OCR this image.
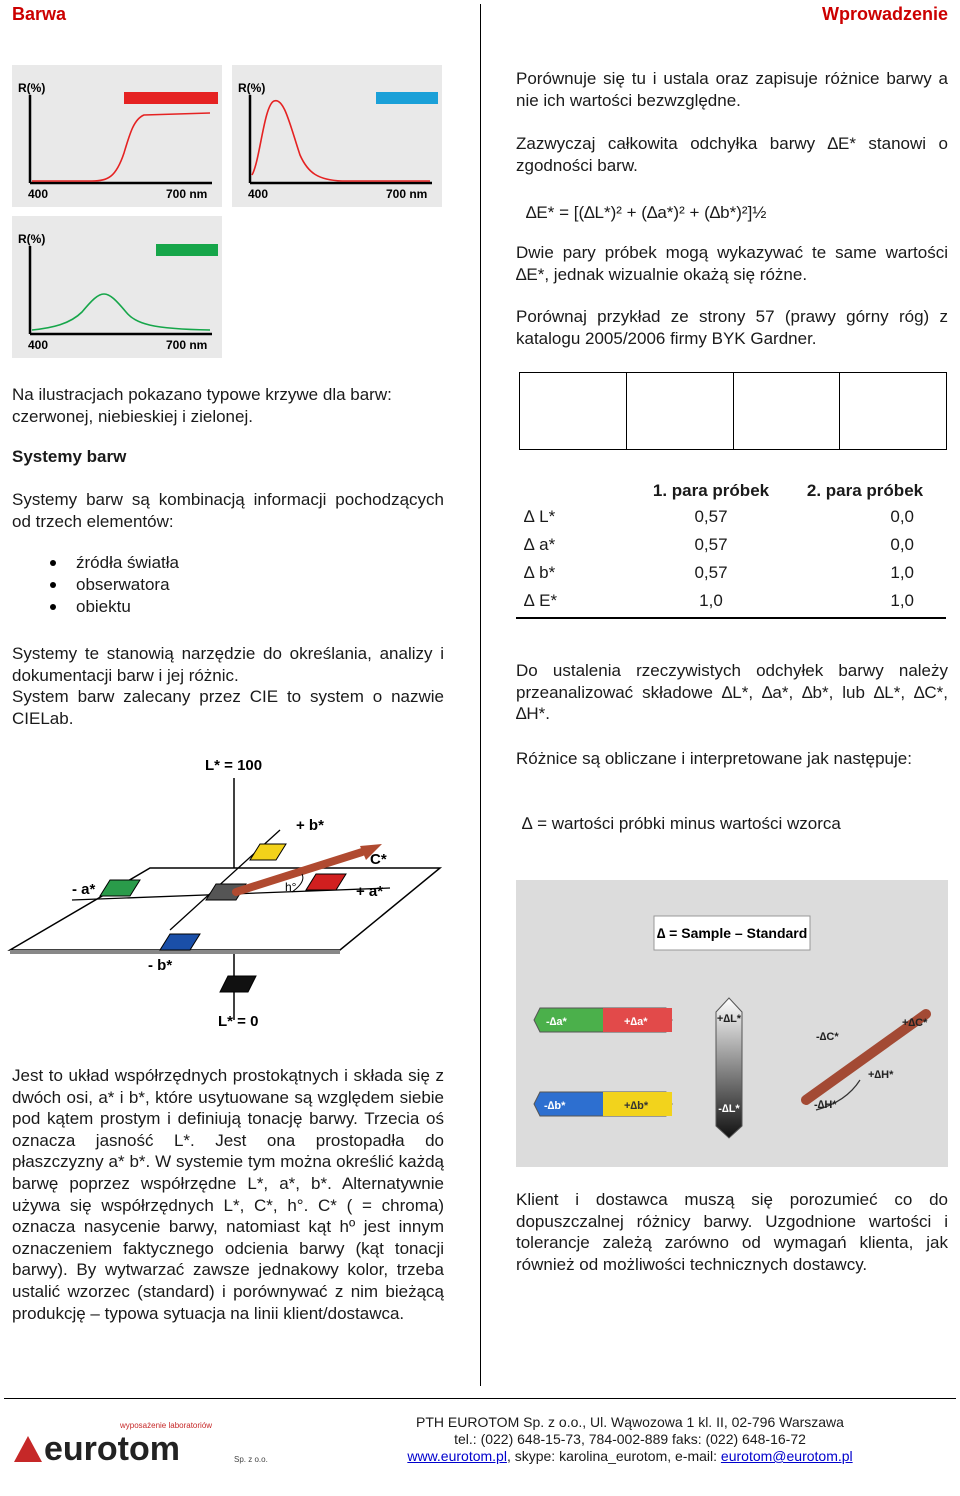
Barwa	Wprowadzenie
R(%)
400	700 nm
R(%)
400	700 nm
R(%)
400	700 nm
Na ilustracjach pokazano typowe krzywe dla barw: czerwonej, niebieskiej i zielonej.
Systemy barw
Systemy barw są kombinacją informacji pochodzących od trzech elementów:
źródła światła
obserwatora
obiektu
Systemy te stanowią narzędzie do określania, analizy i dokumentacji barw i jej różnic.
System barw zalecany przez CIE to system o nazwie CIELab.
L* = 100
+ b*
+ a*
- a*
- b*
C*
h°
L* = 0
Jest to układ współrzędnych prostokątnych i składa się z dwóch osi, a* i b*, które usytuowane są względem siebie pod kątem prostym i definiują tonację barwy. Trzecia oś oznacza jasność L*. Jest ona prostopadła do płaszczyzny a* b*. W systemie tym można określić każdą barwę poprzez współrzędne L*, a*, b*. Alternatywnie używa się współrzędnych L*, C*, h°. C* ( = chroma) oznacza nasycenie barwy, natomiast kąt hº jest innym oznaczeniem faktycznego odcienia barwy (kąt tonacji barwy). By wytwarzać zawsze jednakowy kolor, trzeba ustalić wzorzec (standard) i porównywać z nim bieżącą produkcję – typowa sytuacja na linii klient/dostawca.
Porównuje się tu i ustala oraz zapisuje różnice barwy a nie ich wartości bezwzględne.
Zazwyczaj całkowita odchyłka barwy ∆E* stanowi o zgodności barw.
∆E* = [(∆L*)² + (∆a*)² + (∆b*)²]½
Dwie pary próbek mogą wykazywać te same wartości ∆E*, jednak wizualnie okażą się różne.
Porównaj przykład ze strony 57 (prawy górny róg) z katalogu 2005/2006 firmy BYK Gardner.
	1. para próbek	2. para próbek
∆ L*	0,57	0,0
∆ a*	0,57	0,0
∆ b*	0,57	1,0
∆ E*	1,0	1,0
Do ustalenia rzeczywistych odchyłek barwy należy przeanalizować składowe ∆L*, ∆a*, ∆b*, lub ∆L*, ∆C*, ∆H*.
Różnice są obliczane i interpretowane jak następuje:
∆ = wartości próbki minus wartości wzorca
∆ = Sample – Standard
-∆a*	+∆a*
-∆b*	+∆b*
+∆L*
-∆L*
-∆C*
+∆C*
+∆H*
-∆H*
Klient i dostawca muszą się porozumieć co do dopuszczalnej różnicy barwy. Uzgodnione wartości i tolerancje zależą zarówno od wymagań klienta, jak również od możliwości technicznych dostawcy.
wyposażenie laboratoriów
eurotom	Sp. z o.o.
PTH EUROTOM Sp. z o.o., Ul. Wąwozowa 1 kl. II, 02-796 Warszawa
tel.: (022) 648-15-73, 784-002-889 faks: (022) 648-16-72
www.eurotom.pl, skype: karolina_eurotom, e-mail: eurotom@eurotom.pl
